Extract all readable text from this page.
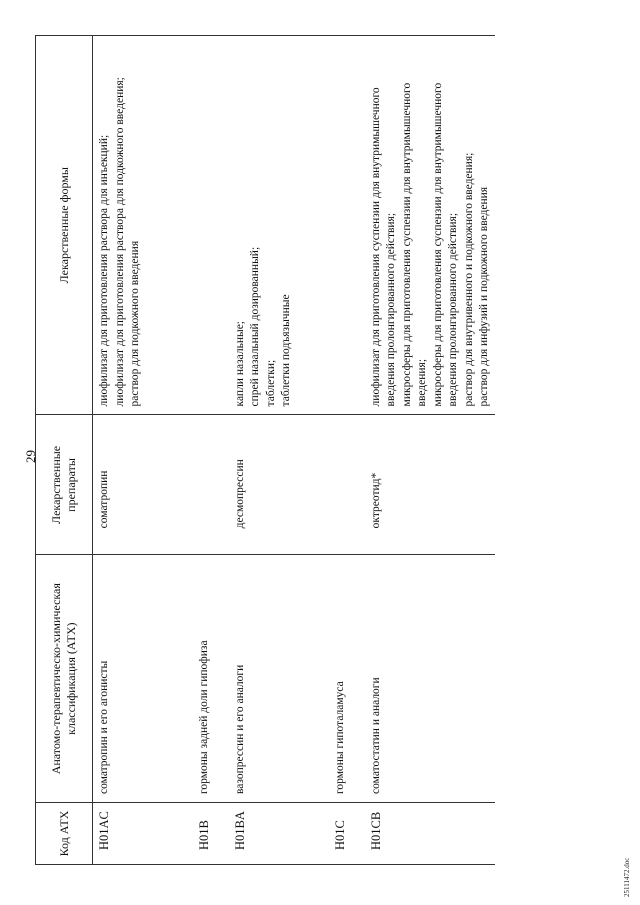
29
Код АТХ	Анатомо-терапевтическо-химическая классификация (АТХ)	Лекарственные препараты	Лекарственные формы
H01AC	соматропин и его агонисты	соматропин	лиофилизат для приготовления раствора для инъекций; лиофилизат для приготовления раствора для подкожного введения; раствор для подкожного введения

H01B	гормоны задней доли гипофиза		
H01BA	вазопрессин и его аналоги	десмопрессин	капли назальные; спрей назальный дозированный; таблетки; таблетки подъязычные

H01C	гормоны гипоталамуса		
H01CB	соматостатин и аналоги	октреотид*	лиофилизат для приготовления суспензии для внутримышечного введения пролонгированного действия; микросферы для приготовления суспензии для внутримышечного введения; микросферы для приготовления суспензии для внутримышечного введения пролонгированного действия; раствор для внутривенного и подкожного введения; раствор для инфузий и подкожного введения
25111472.doc
